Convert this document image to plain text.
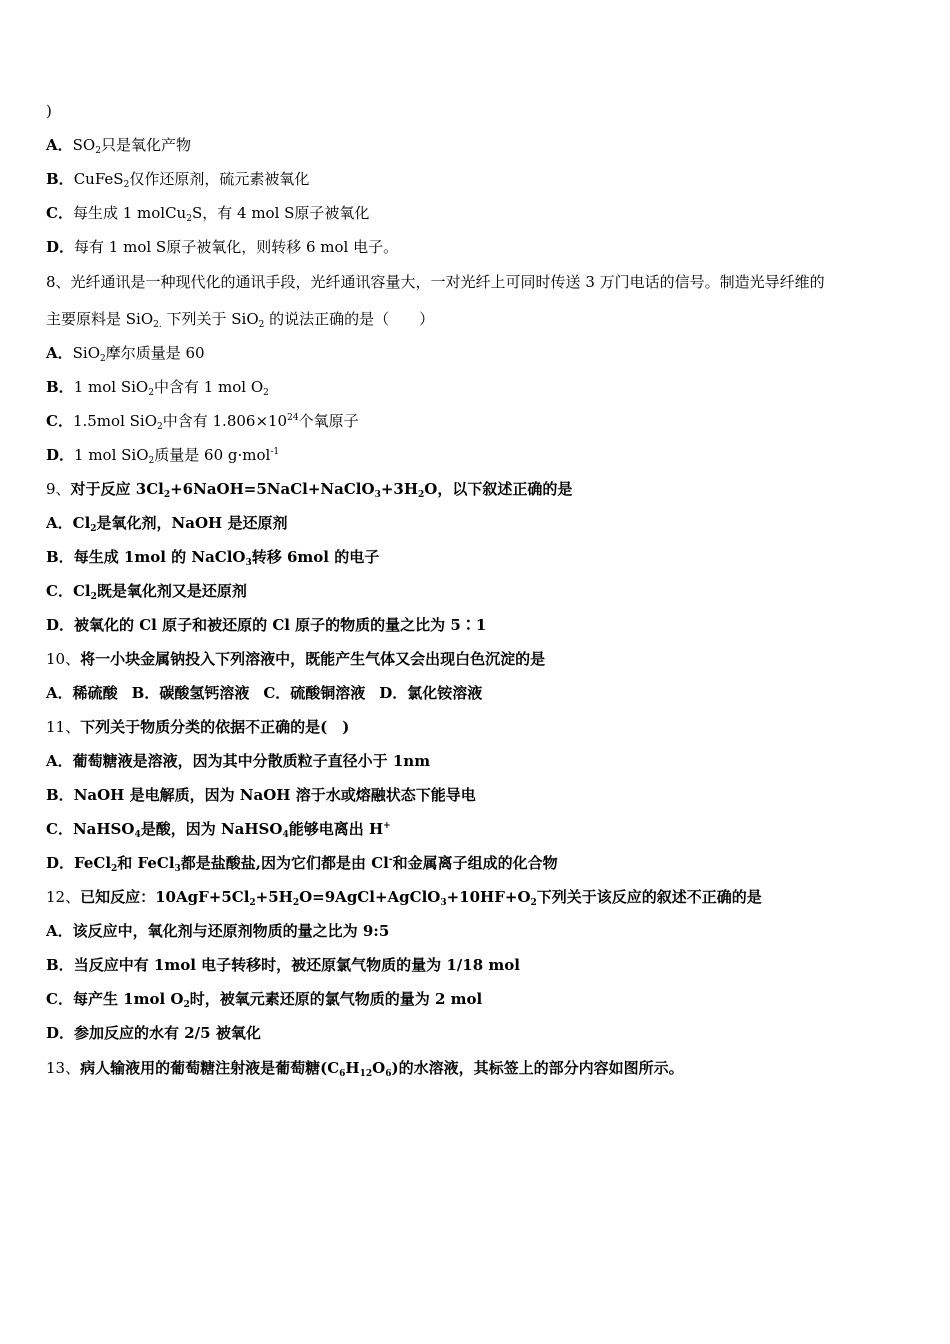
)
A．$SO_2$只是氧化产物
B．CuFeS$_2$仅作还原剂，硫元素被氧化
C．每生成 1 molCu$_2$S，有 4 mol S原子被氧化
D．每有 1 mol S原子被氧化，则转移 6 mol 电子。
8、光纤通讯是一种现代化的通讯手段，光纤通讯容量大，一对光纤上可同时传送 3 万门电话的信号。制造光导纤维的
主要原料是 SiO$_{2.}$ 下列关于 SiO$_2$ 的说法正确的是（　　）
A．SiO$_2$摩尔质量是 60
B．1 mol SiO$_2$中含有 1 mol $O_2$
C．1.5mol SiO$_2$中含有 $1.806\times 10^{24}$个氧原子
D．1 mol SiO$_2$质量是 60 g·mol$^{-1}$
9、对于反应 $3Cl_2+6NaOH=5NaCl+NaClO_3+3H_2O$，以下叙述正确的是
A．$Cl_2$是氧化剂，NaOH 是还原剂
B．每生成 1mol 的 NaClO$_3$转移 6mol 的电子
C．$Cl_2$既是氧化剂又是还原剂
D．被氧化的 Cl 原子和被还原的 Cl 原子的物质的量之比为 5∶1
10、将一小块金属钠投入下列溶液中，既能产生气体又会出现白色沉淀的是
A．稀硫酸 B．碳酸氢钙溶液 C．硫酸铜溶液 D．氯化铵溶液
11、下列关于物质分类的依据不正确的是(　)
A．葡萄糖液是溶液，因为其中分散质粒子直径小于 1nm
B．NaOH 是电解质，因为 NaOH 溶于水或熔融状态下能导电
C．NaHSO$_4$是酸，因为 NaHSO$_4$能够电离出 H+
D．FeCl$_2$和 FeCl$_3$都是盐酸盐,因为它们都是由 Cl-和金属离子组成的化合物
12、已知反应：$10AgF+5Cl_2+5H_2O=9AgCl+AgClO_3+10HF+O_2$下列关于该反应的叙述不正确的是
A．该反应中，氧化剂与还原剂物质的量之比为 9:5
B．当反应中有 1mol 电子转移时，被还原氯气物质的量为 1/18 mol
C．每产生 1mol $O_2$时，被氧元素还原的氯气物质的量为 2 mol
D．参加反应的水有 2/5 被氧化
13、病人输液用的葡萄糖注射液是葡萄糖$(C_6H_{12}O_6)$的水溶液，其标签上的部分内容如图所示。
